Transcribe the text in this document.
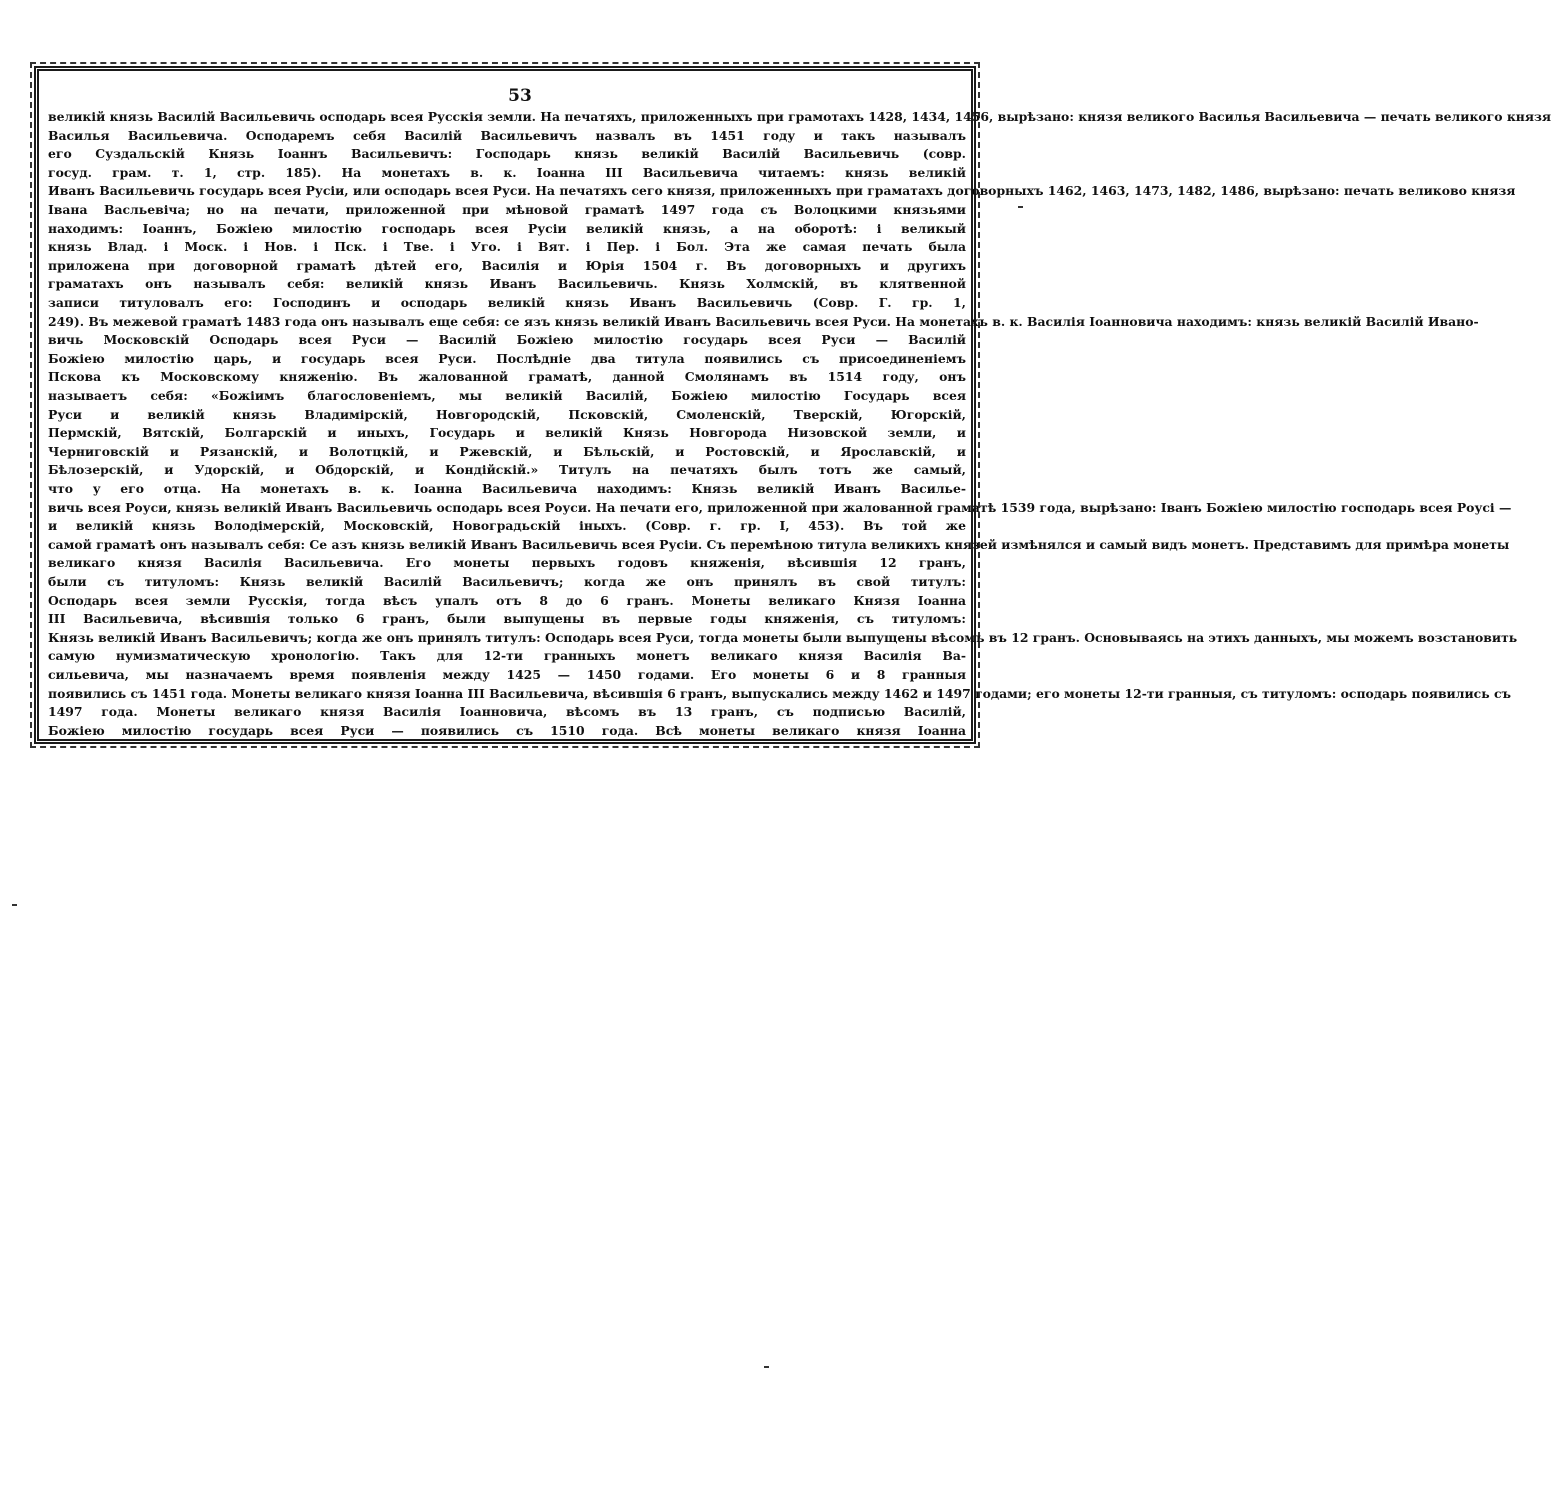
53
великій князь Василій Васильевичь осподарь всея Русскія земли. На печатяхъ, приложенныхъ при грамотахъ 1428, 1434, 1456, вырѣзано: князя великого Василья Васильевича — печать великого князя
Василья Васильевича. Осподаремъ себя Василій Васильевичъ назвалъ въ 1451 году и такъ называлъ
его Суздальскій Князь Іоаннъ Васильевичъ: Господарь князь великій Василій Васильевичь (совр.
госуд. грам. т. 1, стр. 185). На монетахъ в. к. Іоанна III Васильевича читаемъ: князь великій
Иванъ Васильевичь государь всея Русіи, или осподарь всея Руси. На печатяхъ сего князя, приложенныхъ при граматахъ договорныхъ 1462, 1463, 1473, 1482, 1486, вырѣзано: печать великово князя
Івана Васльевіча; но на печати, приложенной при мѣновой граматѣ 1497 года съ Волоцкими князьями
находимъ: Іоаннъ, Божіею милостію господарь всея Русіи великій князь, а на оборотѣ: і великый
князь Влад. і Моск. і Нов. і Пск. і Тве. і Уго. і Вят. і Пер. і Бол. Эта же самая печать была
приложена при договорной граматѣ дѣтей его, Василія и Юрія 1504 г. Въ договорныхъ и другихъ
граматахъ онъ называлъ себя: великій князь Иванъ Васильевичь. Князь Холмскій, въ клятвенной
записи титуловалъ его: Господинъ и осподарь великій князь Иванъ Васильевичь (Совр. Г. гр. 1,
249). Въ межевой граматѣ 1483 года онъ называлъ еще себя: се язъ князь великій Иванъ Васильевичь всея Руси. На монетахъ в. к. Василія Іоанновича находимъ: князь великій Василій Ивано-
вичь Московскій Осподарь всея Руси — Василій Божіею милостію государь всея Руси — Василій
Божіею милостію царь, и государь всея Руси. Послѣдніе два титула появились съ присоединеніемъ
Пскова къ Московскому княженію. Въ жалованной граматѣ, данной Смолянамъ въ 1514 году, онъ
называетъ себя: «Божіимъ благословеніемъ, мы великій Василій, Божіею милостію Государь всея
Руси и великій князь Владимірскій, Новгородскій, Псковскій, Смоленскій, Тверскій, Югорскій,
Пермскій, Вятскій, Болгарскій и иныхъ, Государь и великій Князь Новгорода Низовской земли, и
Черниговскій и Рязанскій, и Волотцкій, и Ржевскій, и Бѣльскій, и Ростовскій, и Ярославскій, и
Бѣлозерскій, и Удорскій, и Обдорскій, и Кондійскій.» Титулъ на печатяхъ былъ тотъ же самый,
что у его отца. На монетахъ в. к. Іоанна Васильевича находимъ: Князь великій Иванъ Василье-
вичь всея Роуси, князь великій Иванъ Васильевичь осподарь всея Роуси. На печати его, приложенной при жалованной граматѣ 1539 года, вырѣзано: Іванъ Божіею милостію господарь всея Роусі —
и великій князь Володімерскій, Московскій, Новоградьскій іныхъ. (Совр. г. гр. I, 453). Въ той же
самой граматѣ онъ называлъ себя: Се азъ князь великій Иванъ Васильевичь всея Русіи. Съ перемѣною титула великихъ князей измѣнялся и самый видъ монетъ. Представимъ для примѣра монеты
великаго князя Василія Васильевича. Его монеты первыхъ годовъ княженія, вѣсившія 12 гранъ,
были съ титуломъ: Князь великій Василій Васильевичъ; когда же онъ принялъ въ свой титулъ:
Осподарь всея земли Русскія, тогда вѣсъ упалъ отъ 8 до 6 гранъ. Монеты великаго Князя Іоанна
III Васильевича, вѣсившія только 6 гранъ, были выпущены въ первые годы княженія, съ титуломъ:
Князь великій Иванъ Васильевичъ; когда же онъ принялъ титулъ: Осподарь всея Руси, тогда монеты были выпущены вѣсомъ въ 12 гранъ. Основываясь на этихъ данныхъ, мы можемъ возстановить
самую нумизматическую хронологію. Такъ для 12-ти гранныхъ монетъ великаго князя Василія Ва-
сильевича, мы назначаемъ время появленія между 1425 — 1450 годами. Его монеты 6 и 8 гранныя
появились съ 1451 года. Монеты великаго князя Іоанна III Васильевича, вѣсившія 6 гранъ, выпускались между 1462 и 1497 годами; его монеты 12-ти гранныя, съ титуломъ: осподарь появились съ
1497 года. Монеты великаго князя Василія Іоанновича, вѣсомъ въ 13 гранъ, съ подписью Василій,
Божіею милостію государь всея Руси — появились съ 1510 года. Всѣ монеты великаго князя Іоанна
